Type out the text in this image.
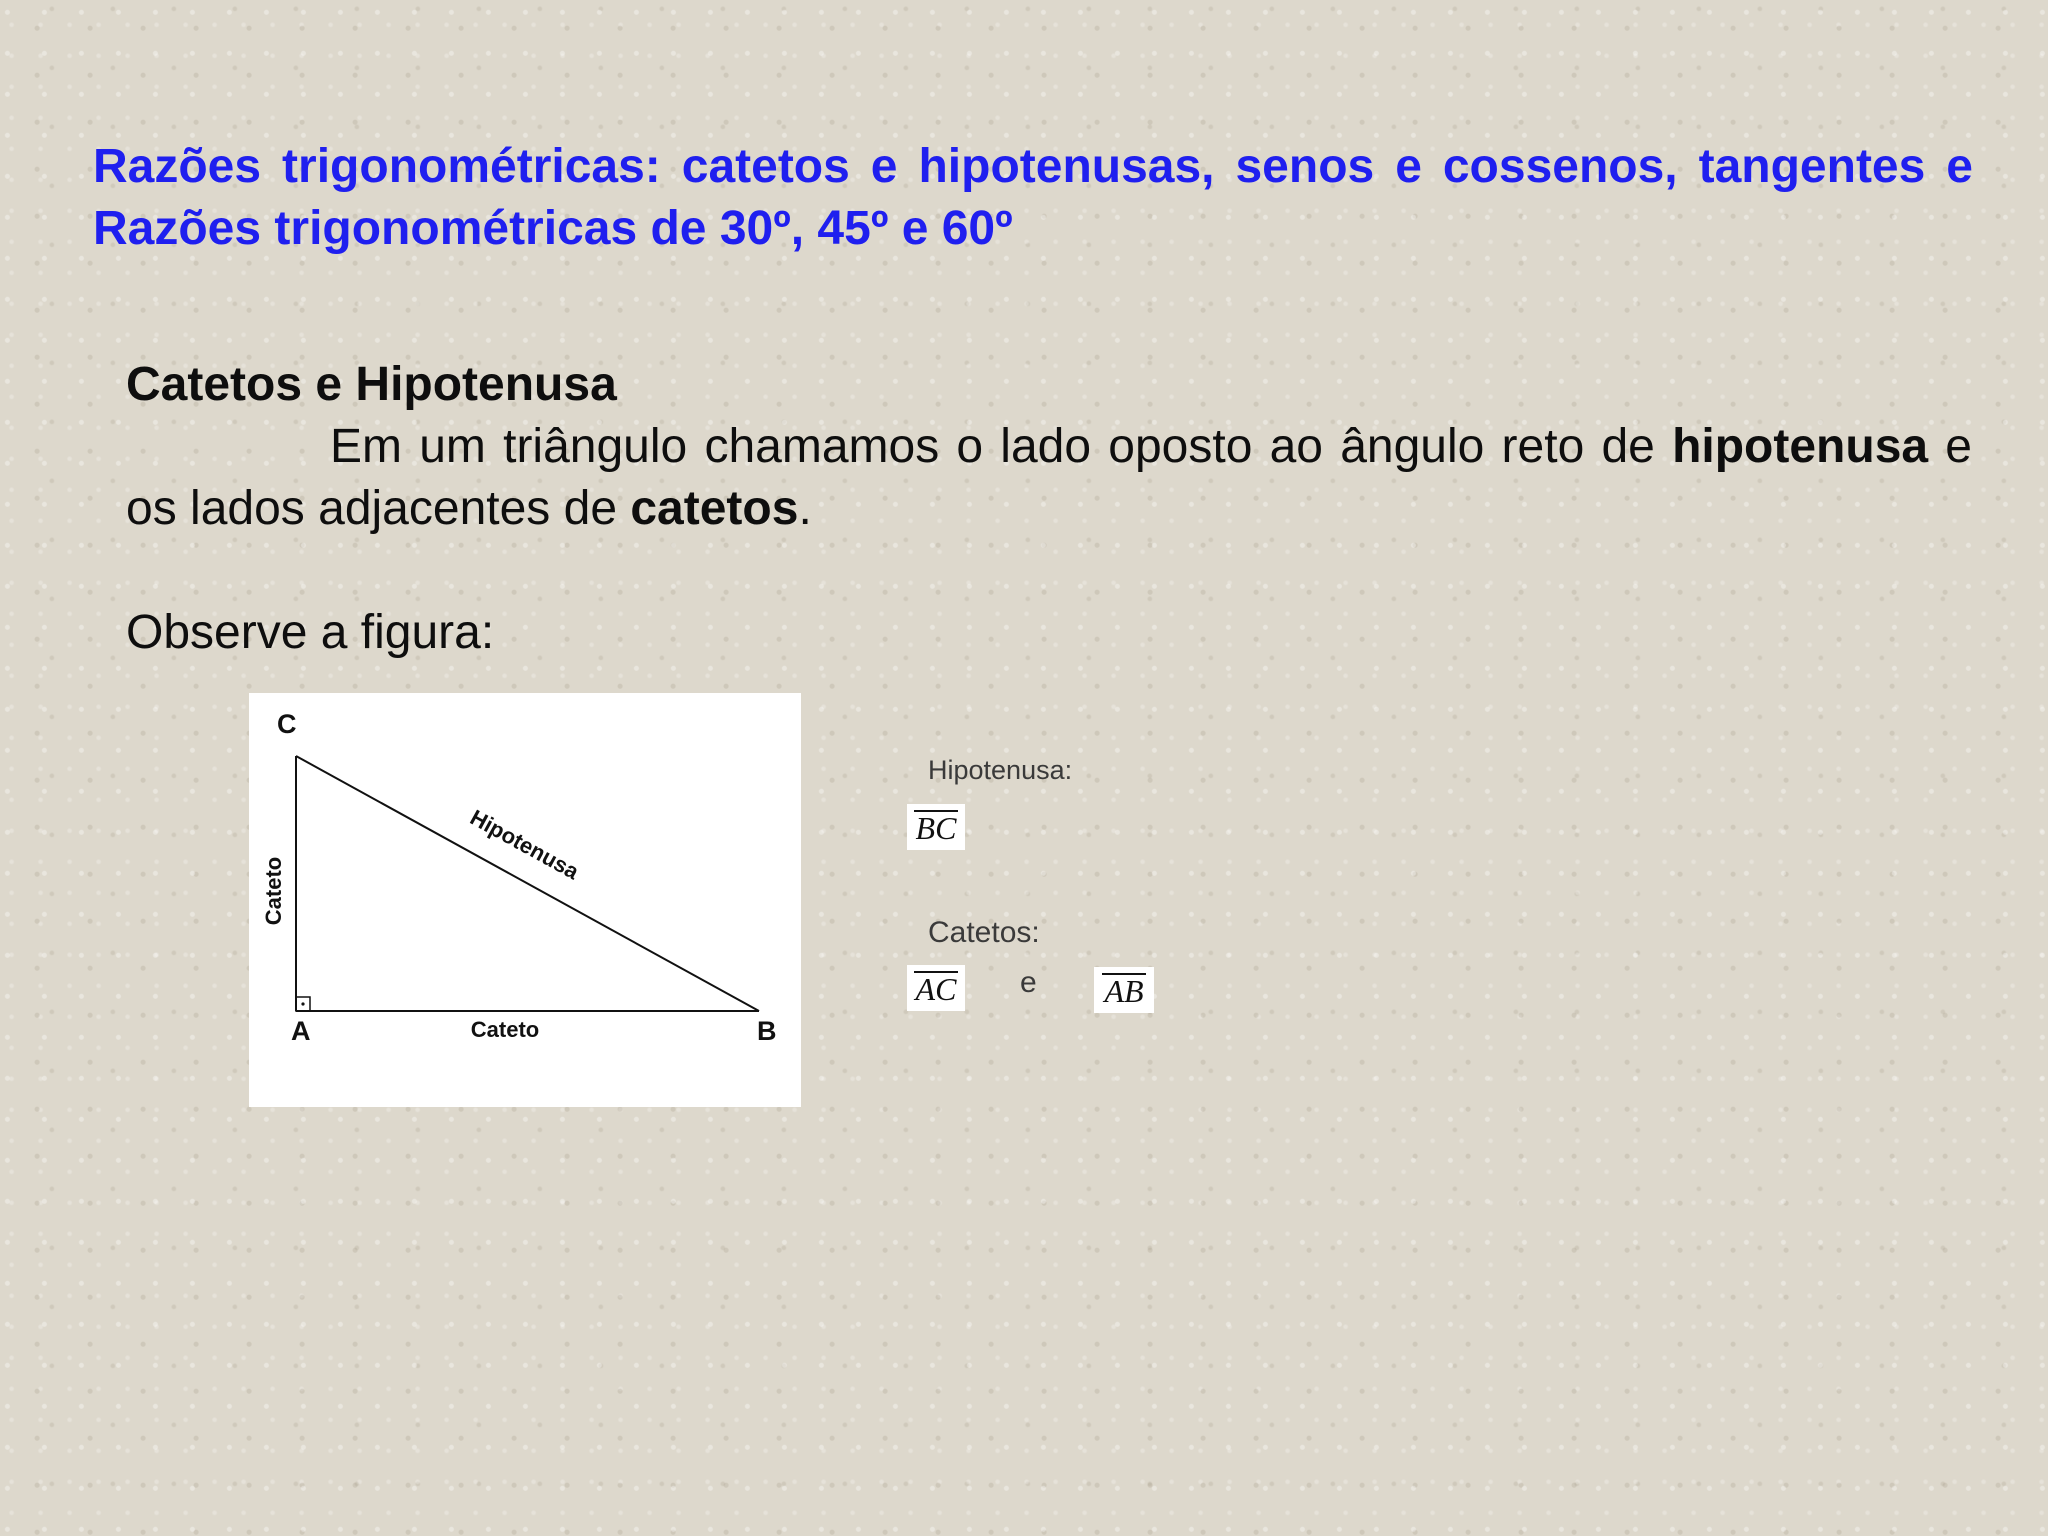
Razões trigonométricas: catetos e hipotenusas, senos e cossenos, tangentes e Razões trigonométricas de 30º, 45º e 60º
Catetos e Hipotenusa

Em um triângulo chamamos o lado oposto ao ângulo reto de hipotenusa e os lados adjacentes de catetos.

Observe a figura:

C
A	B
Cateto
Cateto
Hipotenusa
Hipotenusa:
BC
Catetos:
AC e AB
